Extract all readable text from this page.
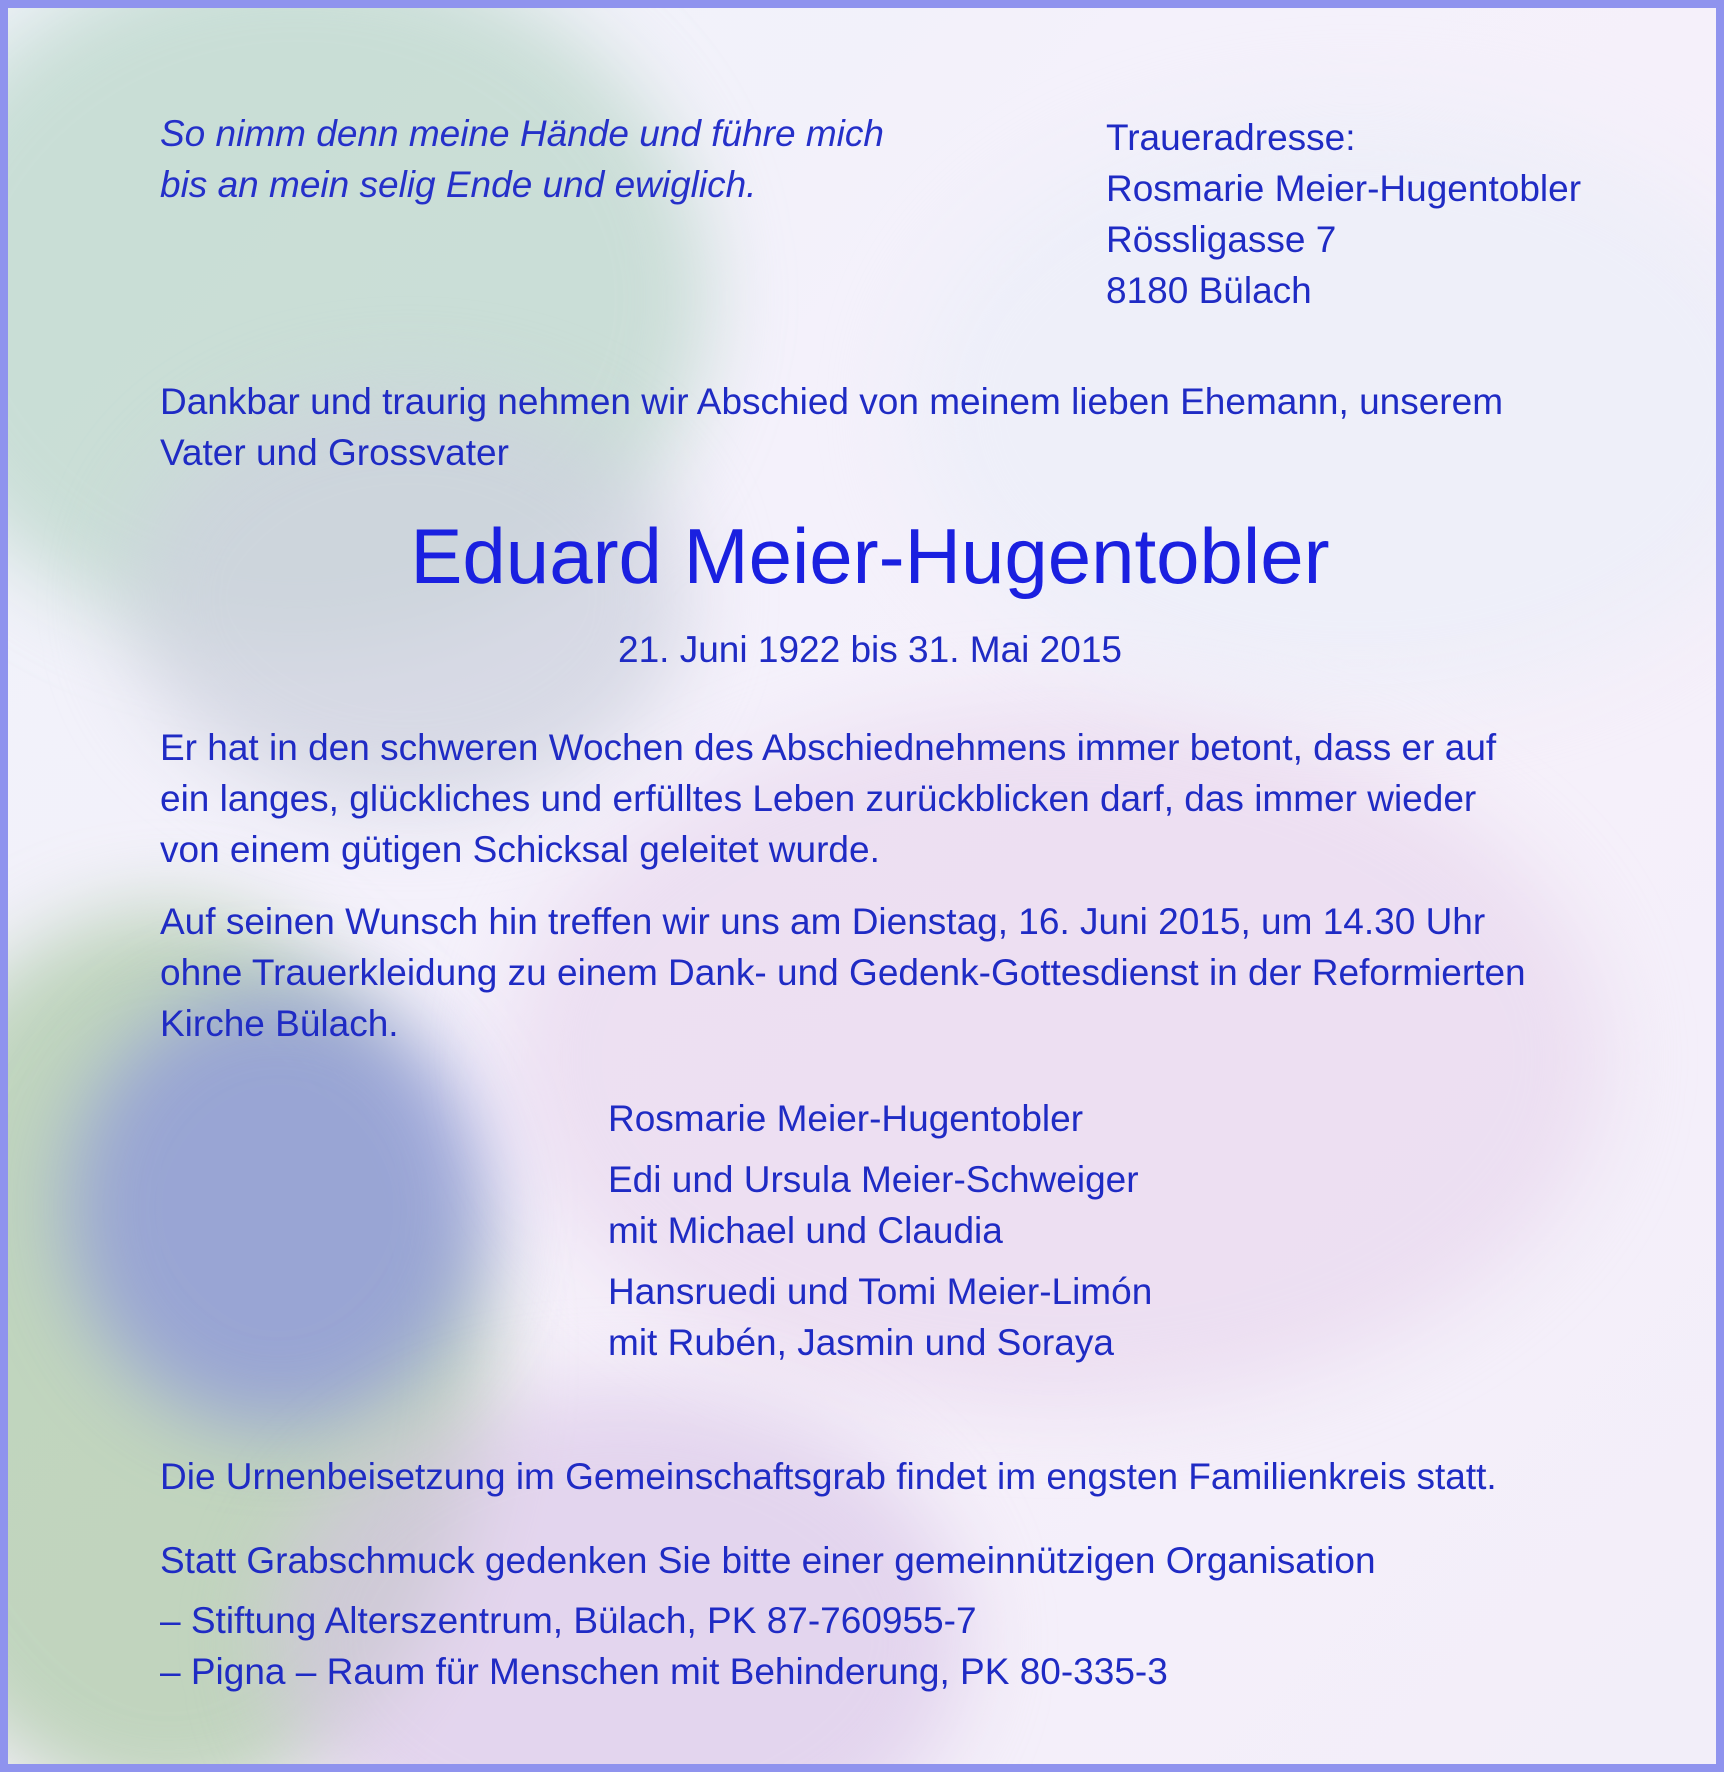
So nimm denn meine Hände und führe mich
bis an mein selig Ende und ewiglich.
Traueradresse:
Rosmarie Meier-Hugentobler
Rössligasse 7
8180 Bülach
Dankbar und traurig nehmen wir Abschied von meinem lieben Ehemann, unserem
Vater und Grossvater
Eduard Meier-Hugentobler
21. Juni 1922 bis 31. Mai 2015
Er hat in den schweren Wochen des Abschiednehmens immer betont, dass er auf
ein langes, glückliches und erfülltes Leben zurückblicken darf, das immer wieder
von einem gütigen Schicksal geleitet wurde.
Auf seinen Wunsch hin treffen wir uns am Dienstag, 16. Juni 2015, um 14.30 Uhr
ohne Trauerkleidung zu einem Dank- und Gedenk-Gottesdienst in der Reformierten
Kirche Bülach.
Rosmarie Meier-Hugentobler
Edi und Ursula Meier-Schweiger
mit Michael und Claudia
Hansruedi und Tomi Meier-Limón
mit Rubén, Jasmin und Soraya
Die Urnenbeisetzung im Gemeinschaftsgrab findet im engsten Familienkreis statt.
Statt Grabschmuck gedenken Sie bitte einer gemeinnützigen Organisation
– Stiftung Alterszentrum, Bülach, PK 87-760955-7
– Pigna – Raum für Menschen mit Behinderung, PK 80-335-3
